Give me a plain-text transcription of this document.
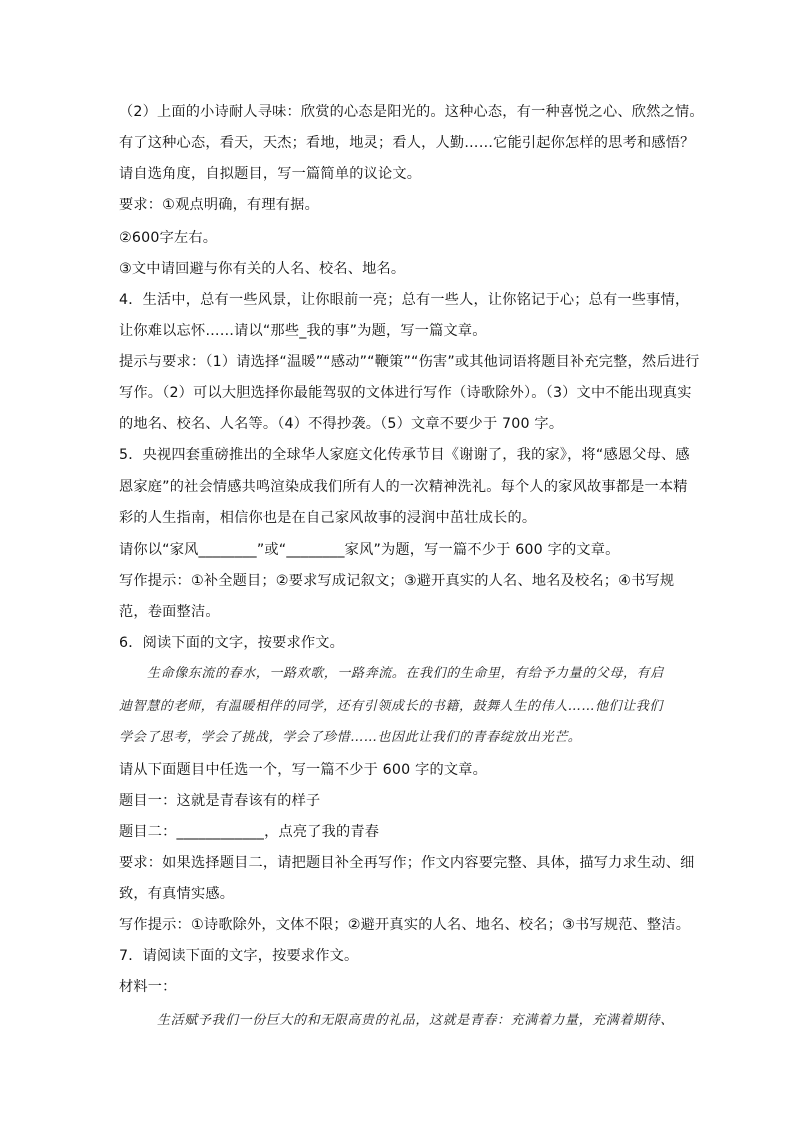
（2）上面的小诗耐人寻味：欣赏的心态是阳光的。这种心态，有一种喜悦之心、欣然之情。
有了这种心态，看天，天杰；看地，地灵；看人，人勤……它能引起你怎样的思考和感悟？
请自选角度，自拟题目，写一篇简单的议论文。
要求：①观点明确，有理有据。
②600字左右。
③文中请回避与你有关的人名、校名、地名。
4．生活中，总有一些风景，让你眼前一亮；总有一些人，让你铭记于心；总有一些事情，
让你难以忘怀……请以“那些_我的事”为题，写一篇文章。
提示与要求：（1）请选择“温暖”“感动”“鞭策”“伤害”或其他词语将题目补充完整，然后进行
写作。（2）可以大胆选择你最能驾驭的文体进行写作（诗歌除外）。（3）文中不能出现真实
的地名、校名、人名等。（4）不得抄袭。（5）文章不要少于 700 字。
5．央视四套重磅推出的全球华人家庭文化传承节目《谢谢了，我的家》，将“感恩父母、感
恩家庭”的社会情感共鸣渲染成我们所有人的一次精神洗礼。每个人的家风故事都是一本精
彩的人生指南，相信你也是在自己家风故事的浸润中茁壮成长的。
请你以“家风________”或“________家风”为题，写一篇不少于 600 字的文章。
写作提示：①补全题目；②要求写成记叙文；③避开真实的人名、地名及校名；④书写规
范，卷面整洁。
6．阅读下面的文字，按要求作文。
生命像东流的春水，一路欢歌，一路奔流。在我们的生命里，有给予力量的父母，有启
迪智慧的老师，有温暖相伴的同学，还有引领成长的书籍，鼓舞人生的伟人……他们让我们
学会了思考，学会了挑战，学会了珍惜……也因此让我们的青春绽放出光芒。
请从下面题目中任选一个，写一篇不少于 600 字的文章。
题目一：这就是青春该有的样子
题目二：____________，点亮了我的青春
要求：如果选择题目二，请把题目补全再写作；作文内容要完整、具体，描写力求生动、细
致，有真情实感。
写作提示：①诗歌除外，文体不限；②避开真实的人名、地名、校名；③书写规范、整洁。
7．请阅读下面的文字，按要求作文。
材料一：
生活赋予我们一份巨大的和无限高贵的礼品，这就是青春：充满着力量，充满着期待、
